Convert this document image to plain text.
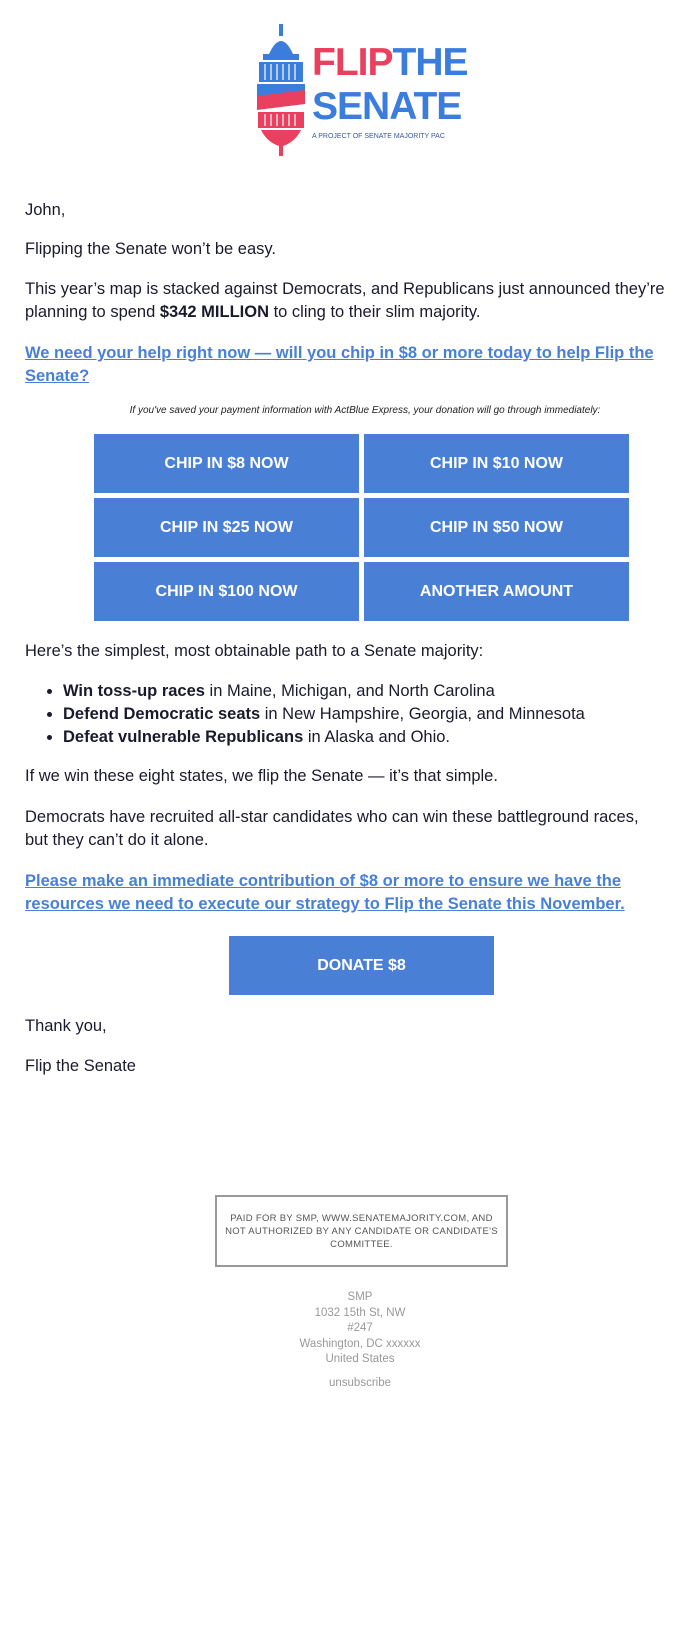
FLIPTHE
SENATE
A PROJECT OF SENATE MAJORITY PAC

John,

Flipping the Senate won’t be easy.

This year’s map is stacked against Democrats, and Republicans just announced they’re

planning to spend $342 MILLION to cling to their slim majority.

We need your help right now — will you chip in $8 or more today to help Flip the

Senate?

Here’s the simplest, most obtainable path to a Senate majority:

If we win these eight states, we flip the Senate — it’s that simple.

Democrats have recruited all-star candidates who can win these battleground races,

but they can’t do it alone.

Please make an immediate contribution of $8 or more to ensure we have the

resources we need to execute our strategy to Flip the Senate this November.

Thank you,

Flip the Senate

If you've saved your payment information with ActBlue Express, your donation will go through immediately:
CHIP IN $8 NOW	CHIP IN $10 NOW
CHIP IN $25 NOW	CHIP IN $50 NOW
CHIP IN $100 NOW	ANOTHER AMOUNT
• Win toss-up races in Maine, Michigan, and North Carolina
• Defend Democratic seats in New Hampshire, Georgia, and Minnesota
• Defeat vulnerable Republicans in Alaska and Ohio.
DONATE $8
PAID FOR BY SMP, WWW.SENATEMAJORITY.COM, AND NOT AUTHORIZED BY ANY CANDIDATE OR CANDIDATE'S COMMITTEE.
SMP
1032 15th St, NW
#247
Washington, DC xxxxxx
United States
unsubscribe
